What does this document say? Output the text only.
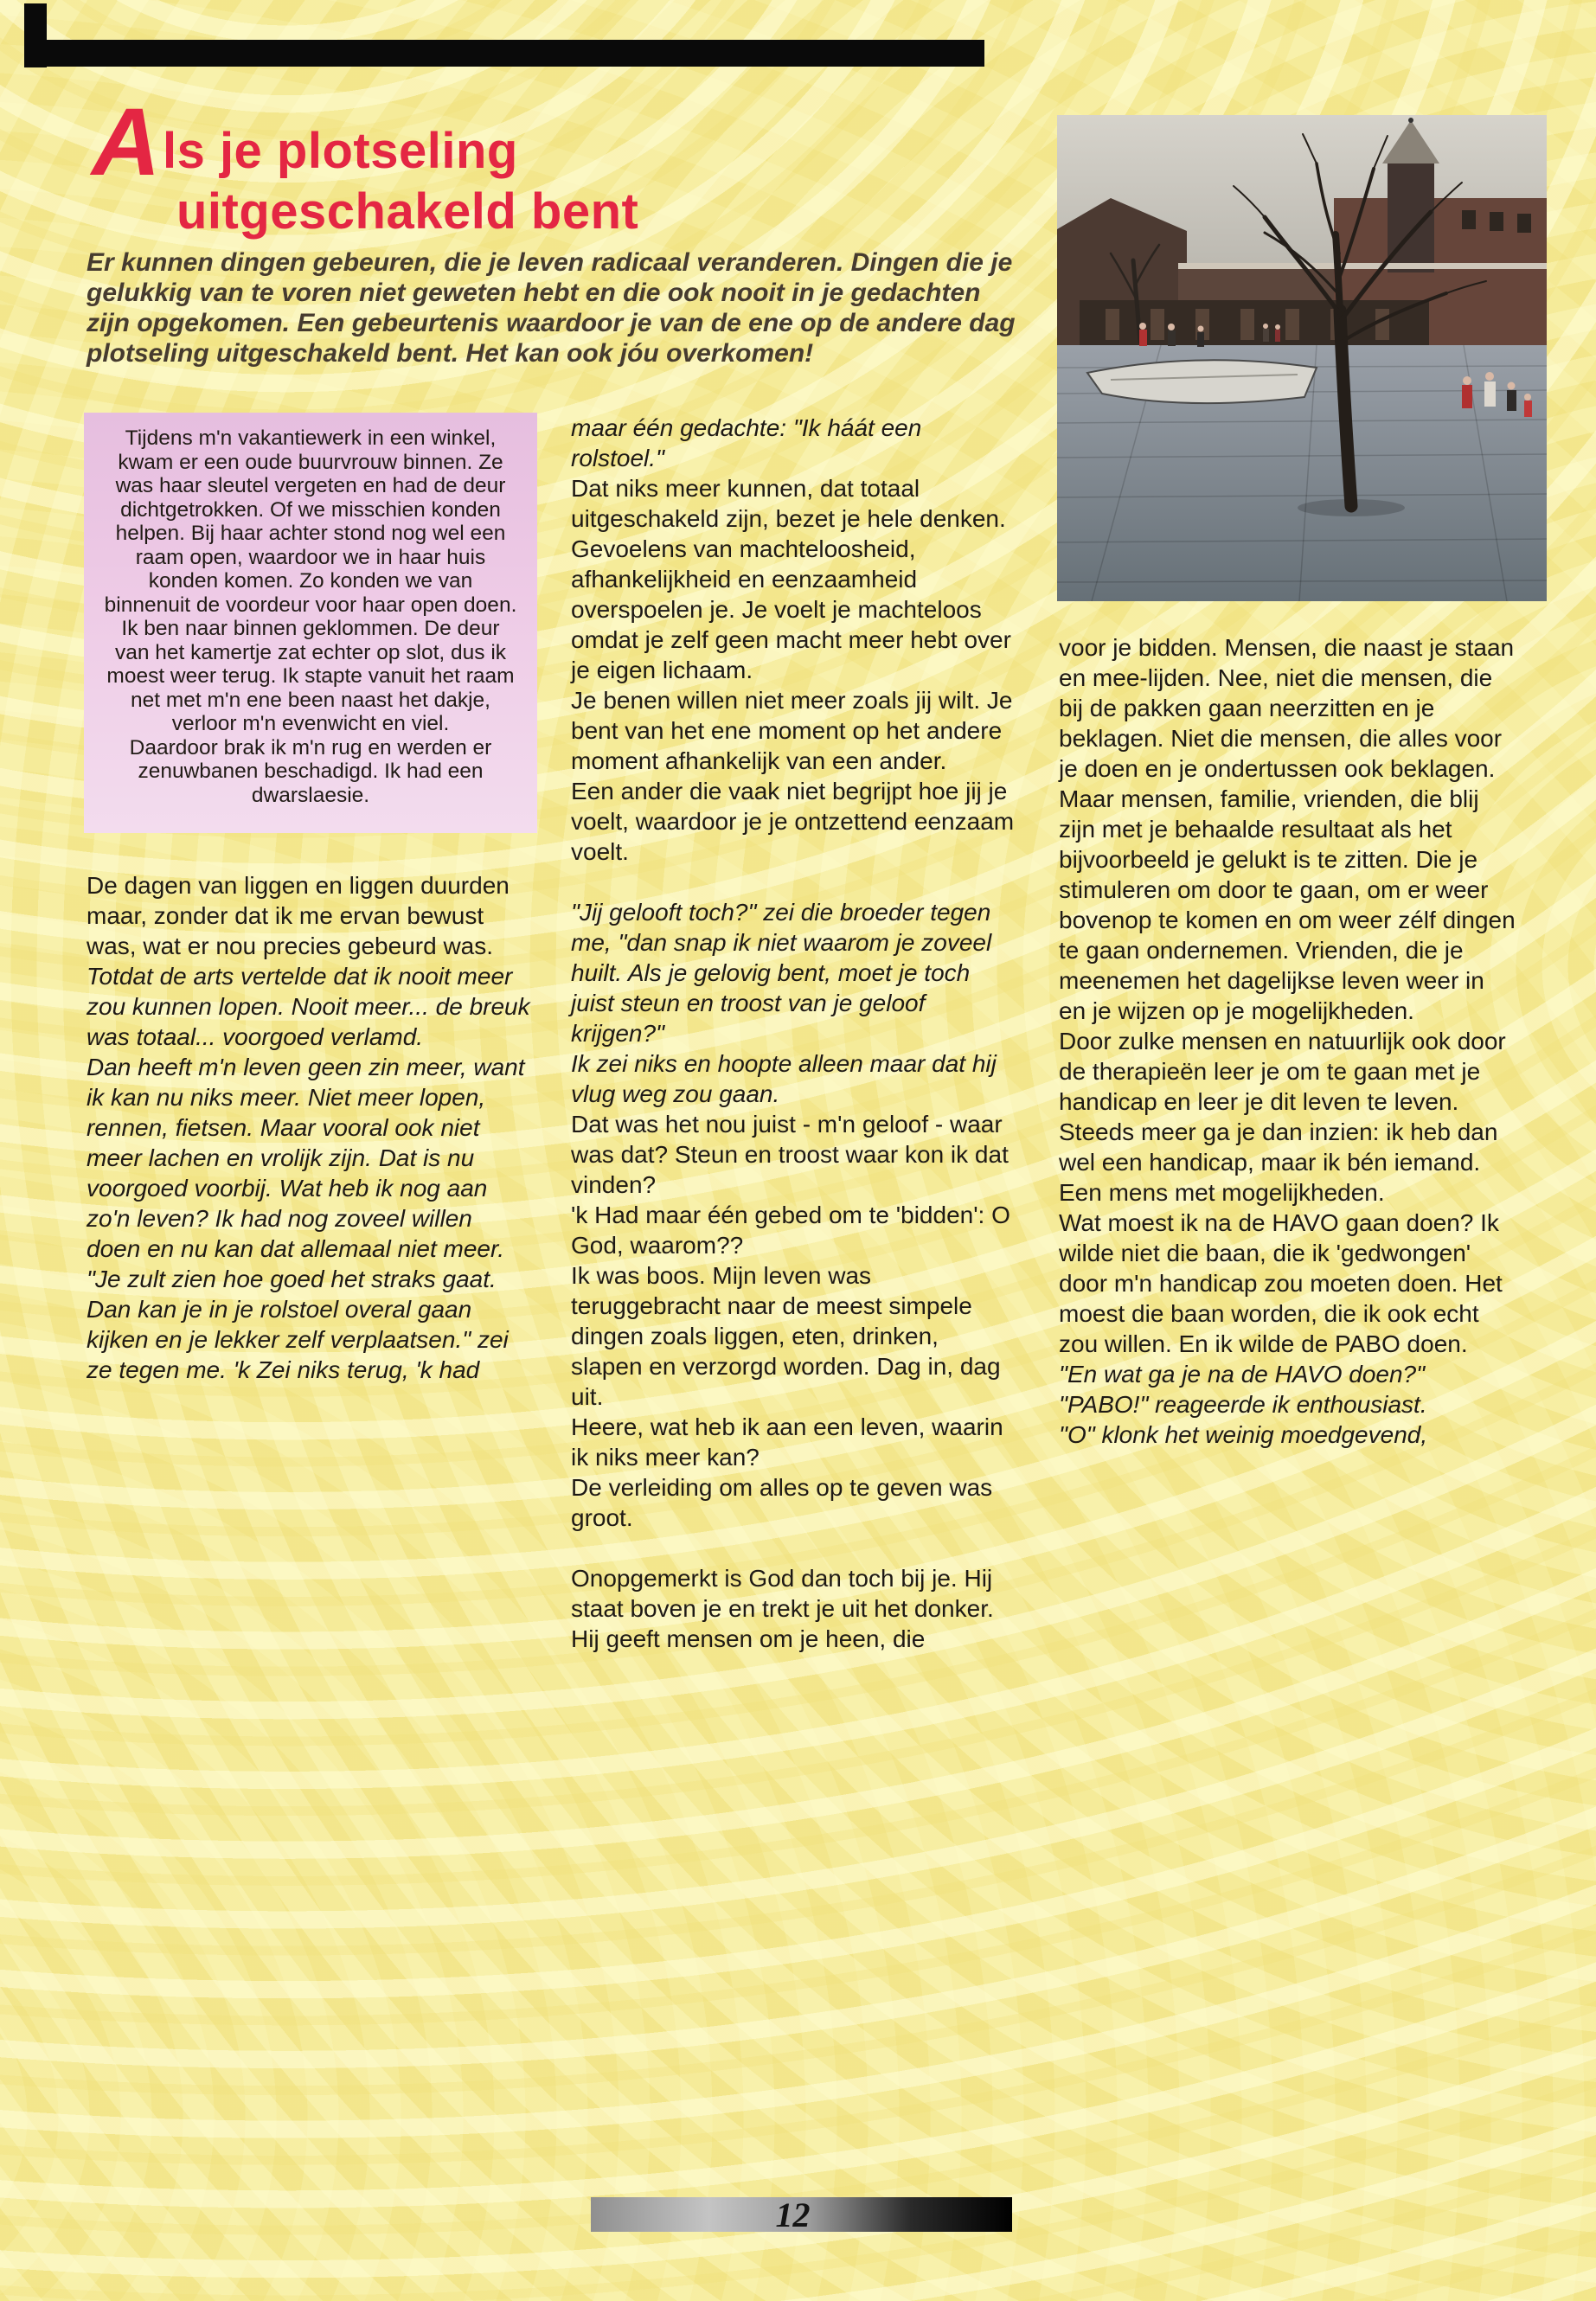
Als je plotseling
uitgeschakeld bent

Er kunnen dingen gebeuren, die je leven radicaal veranderen. Dingen die je gelukkig van te voren niet geweten hebt en die ook nooit in je gedachten zijn opgekomen. Een gebeurtenis waardoor je van de ene op de andere dag plotseling uitgeschakeld bent. Het kan ook jóu overkomen!

Tijdens m'n vakantiewerk in een winkel, kwam er een oude buurvrouw binnen. Ze was haar sleutel vergeten en had de deur dichtgetrokken. Of we misschien konden helpen. Bij haar achter stond nog wel een raam open, waardoor we in haar huis konden komen. Zo konden we van binnenuit de voordeur voor haar open doen. Ik ben naar binnen geklommen. De deur van het kamertje zat echter op slot, dus ik moest weer terug. Ik stapte vanuit het raam net met m'n ene been naast het dakje, verloor m'n evenwicht en viel.

Daardoor brak ik m'n rug en werden er zenuwbanen beschadigd. Ik had een dwarslaesie.

De dagen van liggen en liggen duurden maar, zonder dat ik me ervan bewust was, wat er nou precies gebeurd was.

Totdat de arts vertelde dat ik nooit meer zou kunnen lopen. Nooit meer... de breuk was totaal... voorgoed verlamd.

Dan heeft m'n leven geen zin meer, want ik kan nu niks meer. Niet meer lopen, rennen, fietsen. Maar vooral ook niet meer lachen en vrolijk zijn. Dat is nu voorgoed voorbij. Wat heb ik nog aan zo'n leven? Ik had nog zoveel willen doen en nu kan dat allemaal niet meer.

"Je zult zien hoe goed het straks gaat. Dan kan je in je rolstoel overal gaan kijken en je lekker zelf verplaatsen." zei ze tegen me. 'k Zei niks terug, 'k had

maar één gedachte: "Ik háát een rolstoel."

Dat niks meer kunnen, dat totaal uitgeschakeld zijn, bezet je hele denken.

Gevoelens van machteloosheid, afhankelijkheid en eenzaamheid overspoelen je. Je voelt je machteloos omdat je zelf geen macht meer hebt over je eigen lichaam.

Je benen willen niet meer zoals jij wilt. Je bent van het ene moment op het andere moment afhankelijk van een ander.

Een ander die vaak niet begrijpt hoe jij je voelt, waardoor je je ontzettend eenzaam voelt.

"Jij gelooft toch?" zei die broeder tegen me, "dan snap ik niet waarom je zoveel huilt. Als je gelovig bent, moet je toch juist steun en troost van je geloof krijgen?"

Ik zei niks en hoopte alleen maar dat hij vlug weg zou gaan.

Dat was het nou juist - m'n geloof - waar was dat? Steun en troost waar kon ik dat vinden?

'k Had maar één gebed om te 'bidden': O God, waarom??

Ik was boos. Mijn leven was teruggebracht naar de meest simpele dingen zoals liggen, eten, drinken, slapen en verzorgd worden. Dag in, dag uit.

Heere, wat heb ik aan een leven, waarin ik niks meer kan?

De verleiding om alles op te geven was groot.

Onopgemerkt is God dan toch bij je. Hij staat boven je en trekt je uit het donker.

Hij geeft mensen om je heen, die

voor je bidden. Mensen, die naast je staan en mee-lijden. Nee, niet die mensen, die bij de pakken gaan neerzitten en je beklagen. Niet die mensen, die alles voor je doen en je ondertussen ook beklagen. Maar mensen, familie, vrienden, die blij zijn met je behaalde resultaat als het bijvoorbeeld je gelukt is te zitten. Die je stimuleren om door te gaan, om er weer bovenop te komen en om weer zélf dingen te gaan ondernemen. Vrienden, die je meenemen het dagelijkse leven weer in en je wijzen op je mogelijkheden.

Door zulke mensen en natuurlijk ook door de therapieën leer je om te gaan met je handicap en leer je dit leven te leven.

Steeds meer ga je dan inzien: ik heb dan wel een handicap, maar ik bén iemand. Een mens met mogelijkheden.

Wat moest ik na de HAVO gaan doen? Ik wilde niet die baan, die ik 'gedwongen' door m'n handicap zou moeten doen. Het moest die baan worden, die ik ook echt zou willen. En ik wilde de PABO doen.

"En wat ga je na de HAVO doen?"

"PABO!" reageerde ik enthousiast.

"O" klonk het weinig moedgevend,

12
